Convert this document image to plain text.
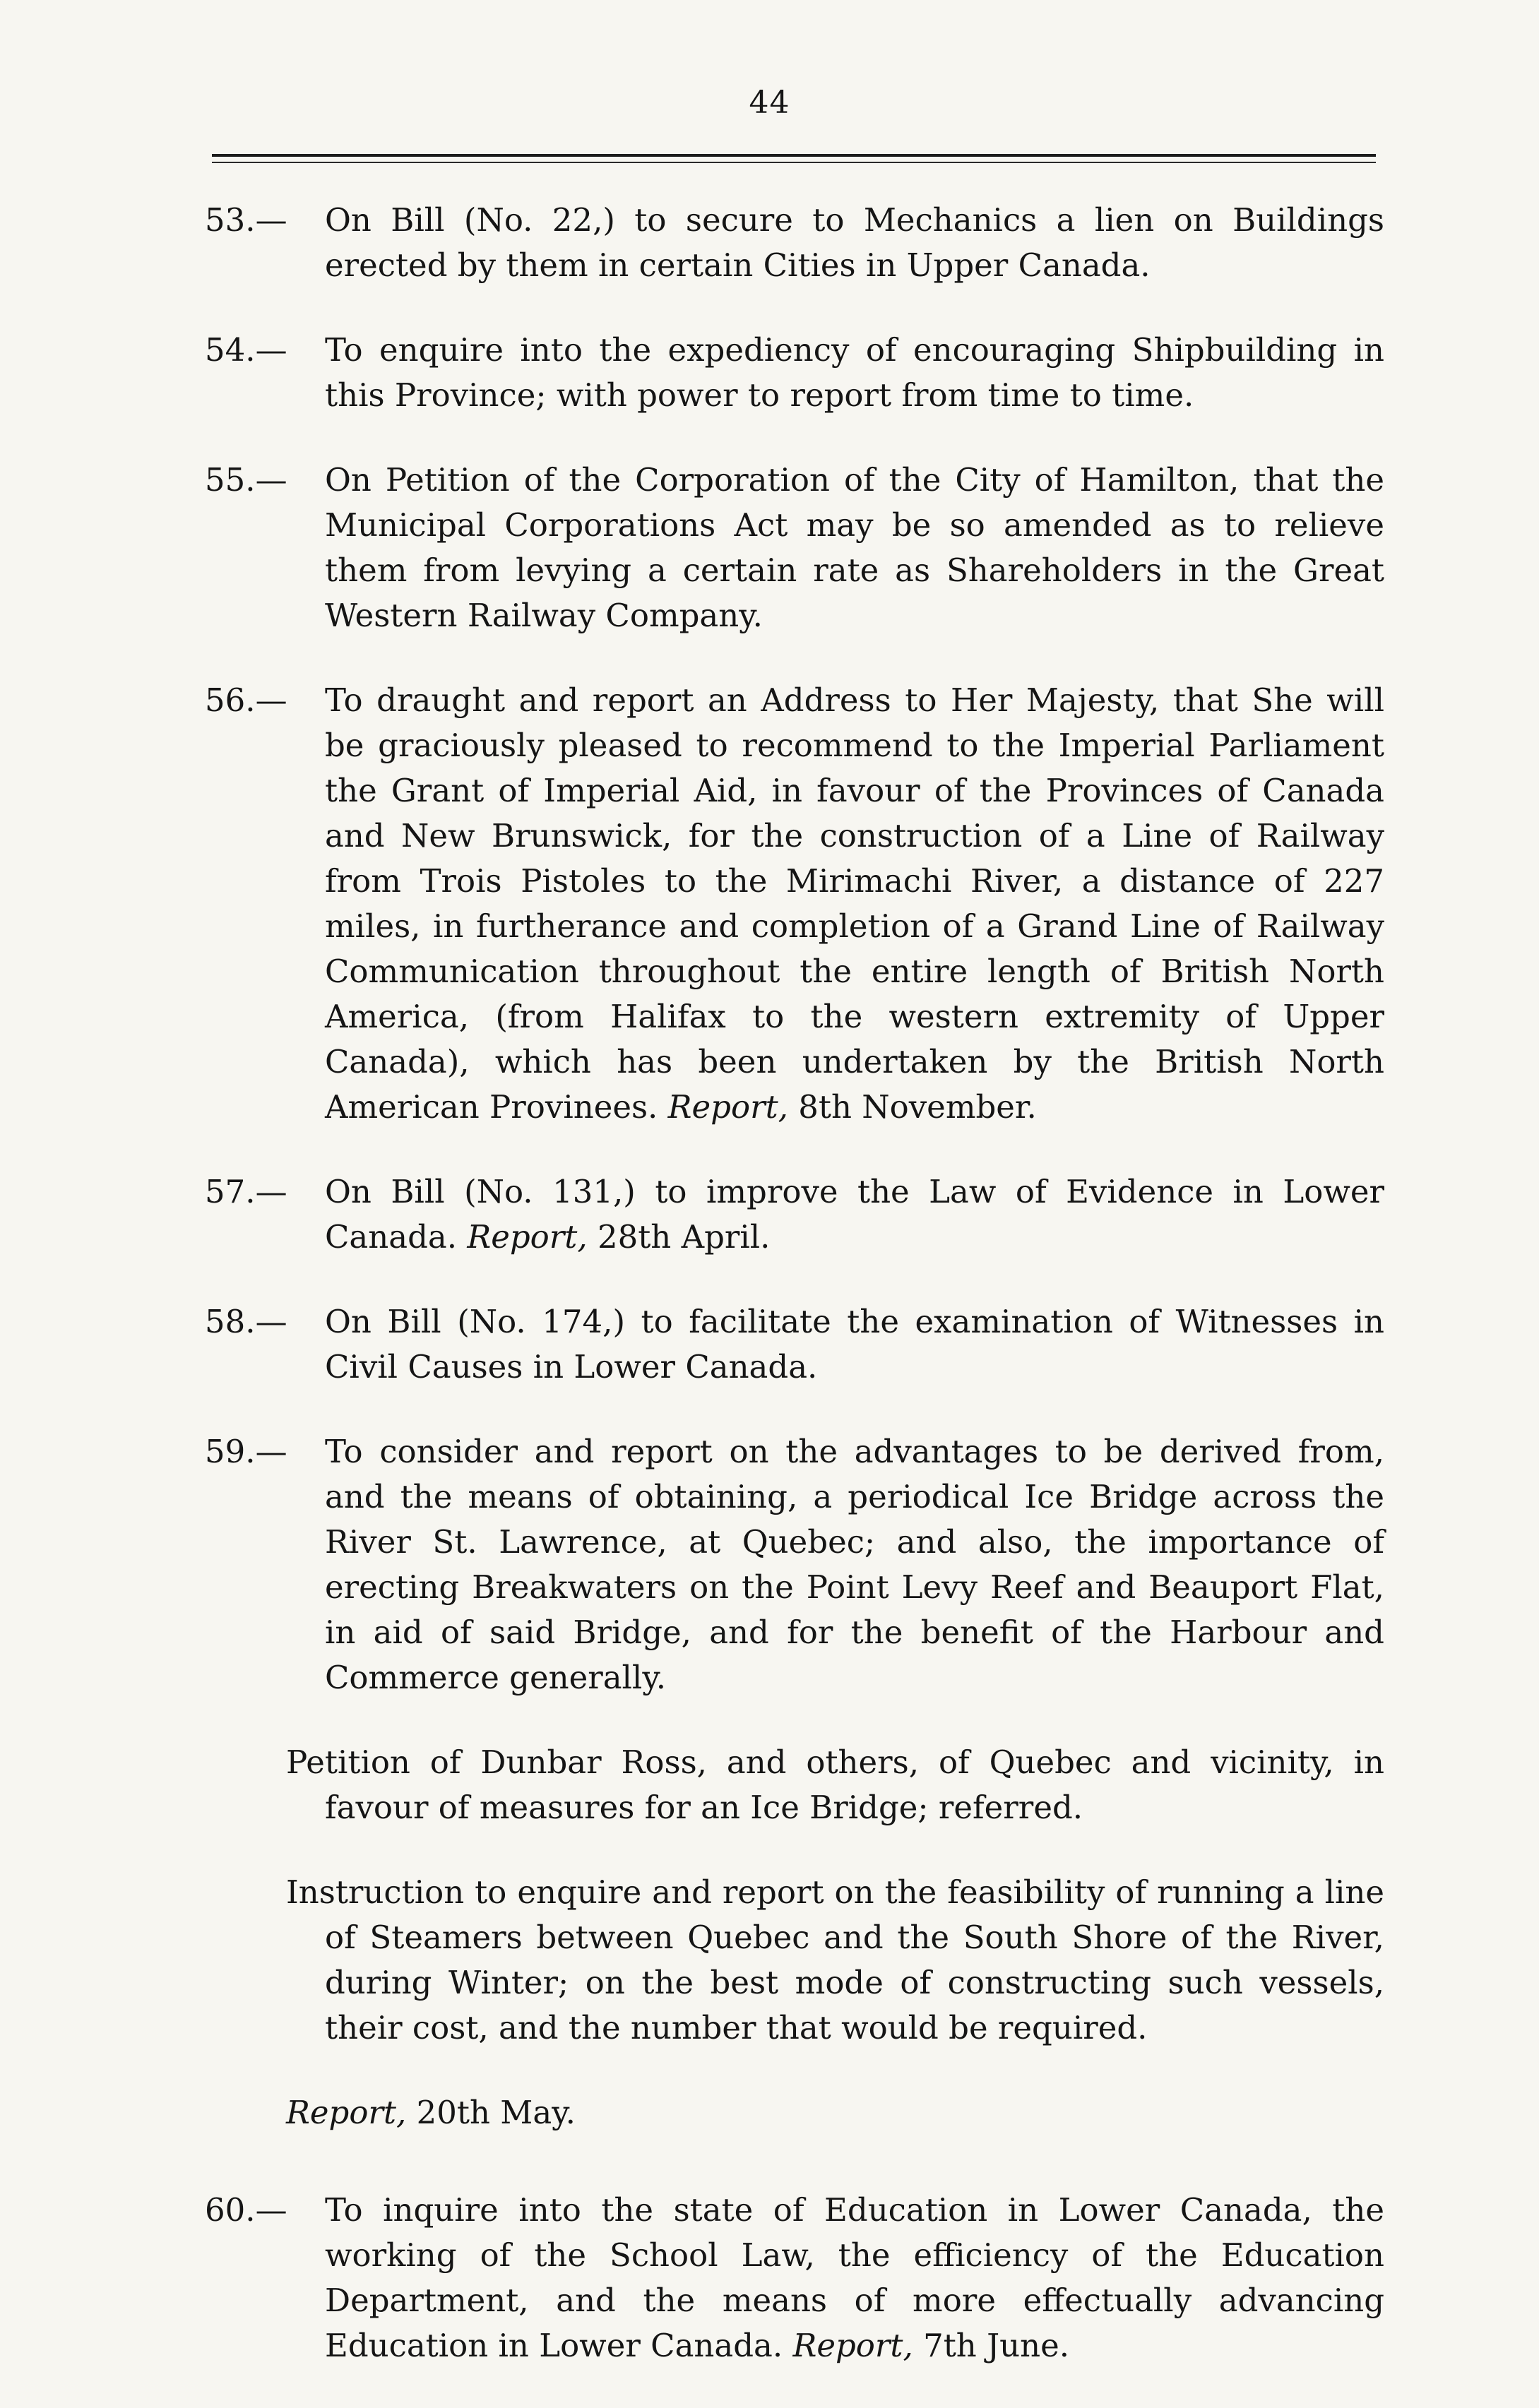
44
53.—	On Bill (No. 22,) to secure to Mechanics a lien on Buildings erected by them in certain Cities in Upper Canada.
54.—	To enquire into the expediency of encouraging Shipbuilding in this Province; with power to report from time to time.
55.—	On Petition of the Corporation of the City of Hamilton, that the Municipal Corporations Act may be so amended as to relieve them from levying a certain rate as Shareholders in the Great Western Railway Company.
56.—	To draught and report an Address to Her Majesty, that She will be graciously pleased to recommend to the Imperial Parliament the Grant of Imperial Aid, in favour of the Provinces of Canada and New Brunswick, for the construction of a Line of Railway from Trois Pistoles to the Mirimachi River, a distance of 227 miles, in furtherance and completion of a Grand Line of Railway Communication throughout the entire length of British North America, (from Halifax to the western extremity of Upper Canada), which has been undertaken by the British North American Provinees. Report, 8th November.
57.—	On Bill (No. 131,) to improve the Law of Evidence in Lower Canada. Report, 28th April.
58.—	On Bill (No. 174,) to facilitate the examination of Witnesses in Civil Causes in Lower Canada.
59.—	To consider and report on the advantages to be derived from, and the means of obtaining, a periodical Ice Bridge across the River St. Lawrence, at Quebec; and also, the importance of erecting Breakwaters on the Point Levy Reef and Beauport Flat, in aid of said Bridge, and for the benefit of the Harbour and Commerce generally.
Petition of Dunbar Ross, and others, of Quebec and vicinity, in favour of measures for an Ice Bridge; referred.
Instruction to enquire and report on the feasibility of running a line of Steamers between Quebec and the South Shore of the River, during Winter; on the best mode of constructing such vessels, their cost, and the number that would be required.
Report, 20th May.
60.—	To inquire into the state of Education in Lower Canada, the working of the School Law, the efficiency of the Education Department, and the means of more effectually advancing Education in Lower Canada. Report, 7th June.
